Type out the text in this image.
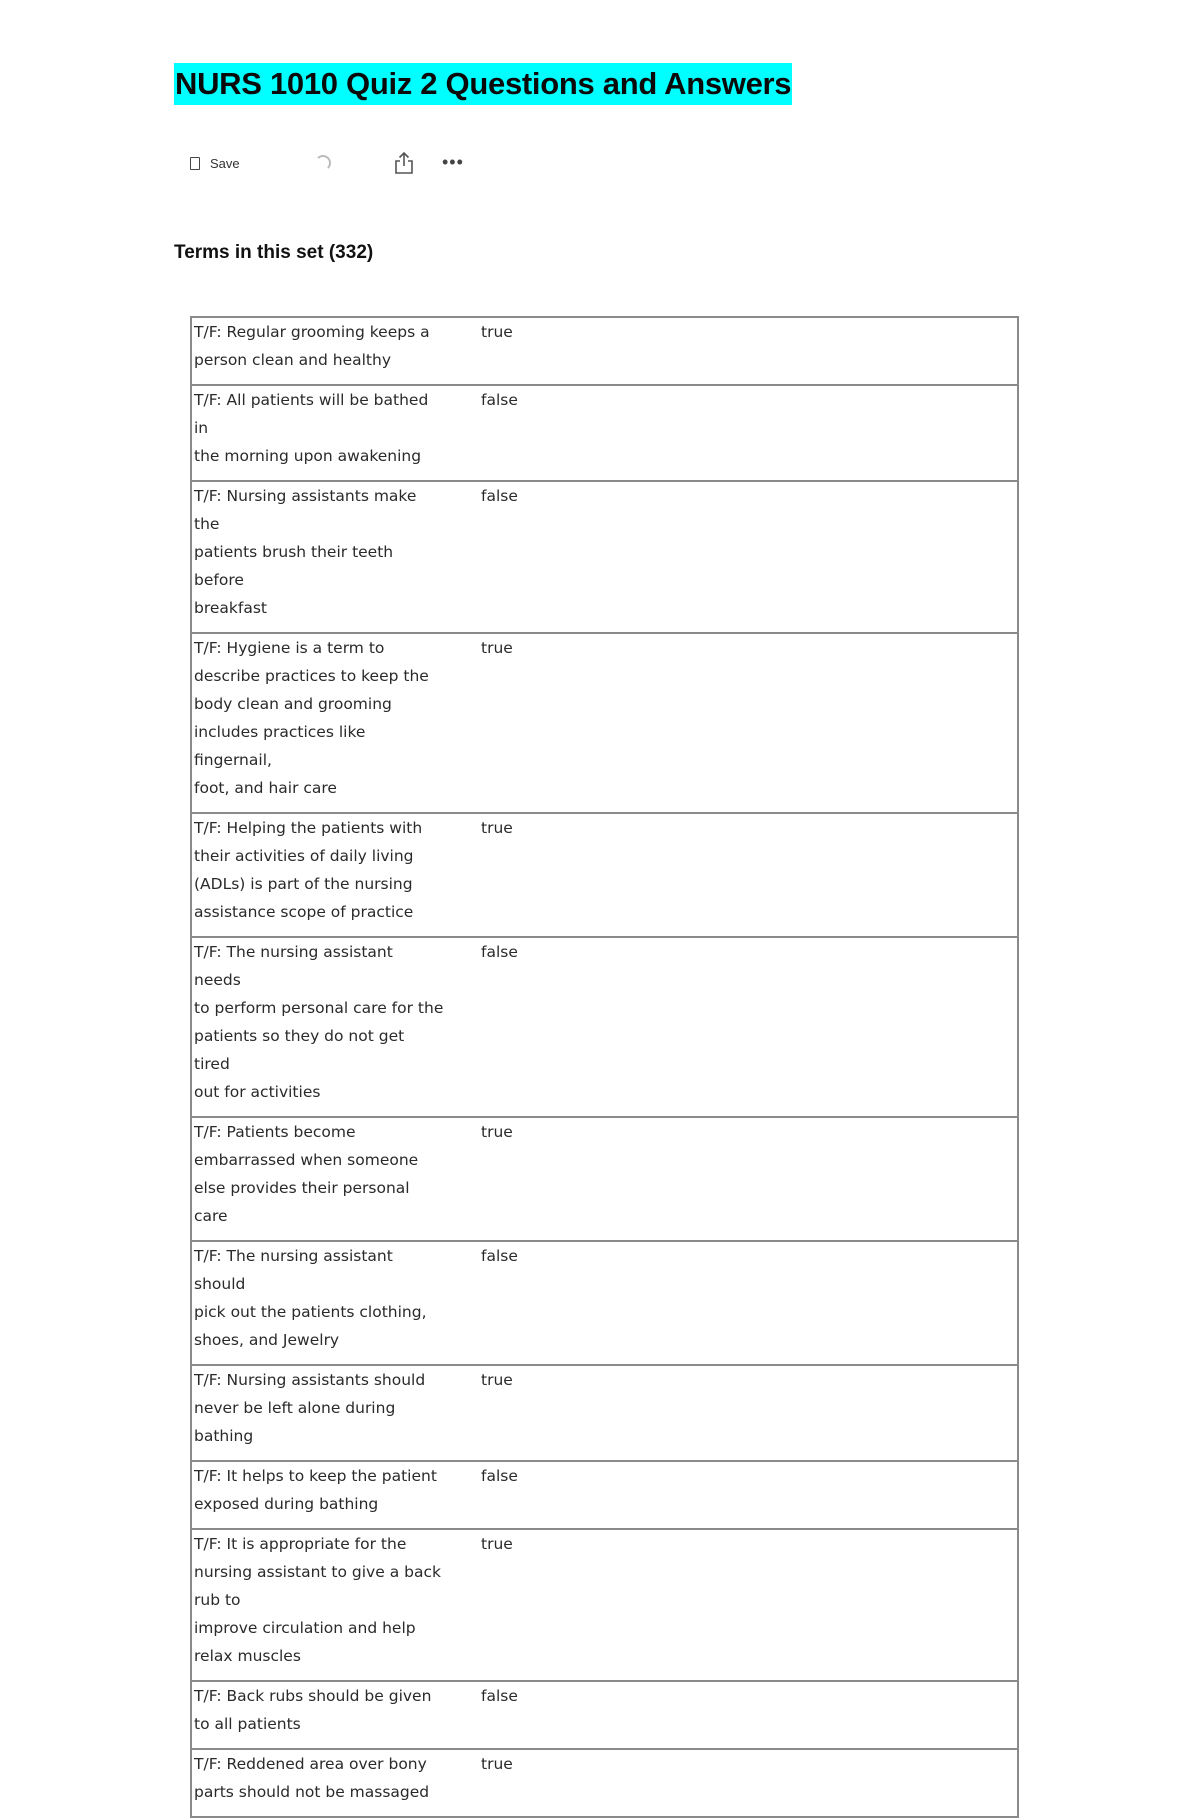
NURS 1010 Quiz 2 Questions and Answers
Save	•••
Terms in this set (332)
T/F: Regular grooming keeps a
person clean and healthy	true

T/F: All patients will be bathed in
the morning upon awakening	false

T/F: Nursing assistants make the
patients brush their teeth before
breakfast	false

T/F: Hygiene is a term to
describe practices to keep the
body clean and grooming
includes practices like fingernail,
foot, and hair care	true

T/F: Helping the patients with
their activities of daily living
(ADLs) is part of the nursing
assistance scope of practice	true

T/F: The nursing assistant needs
to perform personal care for the
patients so they do not get tired
out for activities	false

T/F: Patients become
embarrassed when someone
else provides their personal
care	true

T/F: The nursing assistant should
pick out the patients clothing,
shoes, and Jewelry	false

T/F: Nursing assistants should
never be left alone during
bathing	true

T/F: It helps to keep the patient
exposed during bathing	false

T/F: It is appropriate for the
nursing assistant to give a back
rub to
improve circulation and help
relax muscles	true

T/F: Back rubs should be given
to all patients	false

T/F: Reddened area over bony
parts should not be massaged	true
